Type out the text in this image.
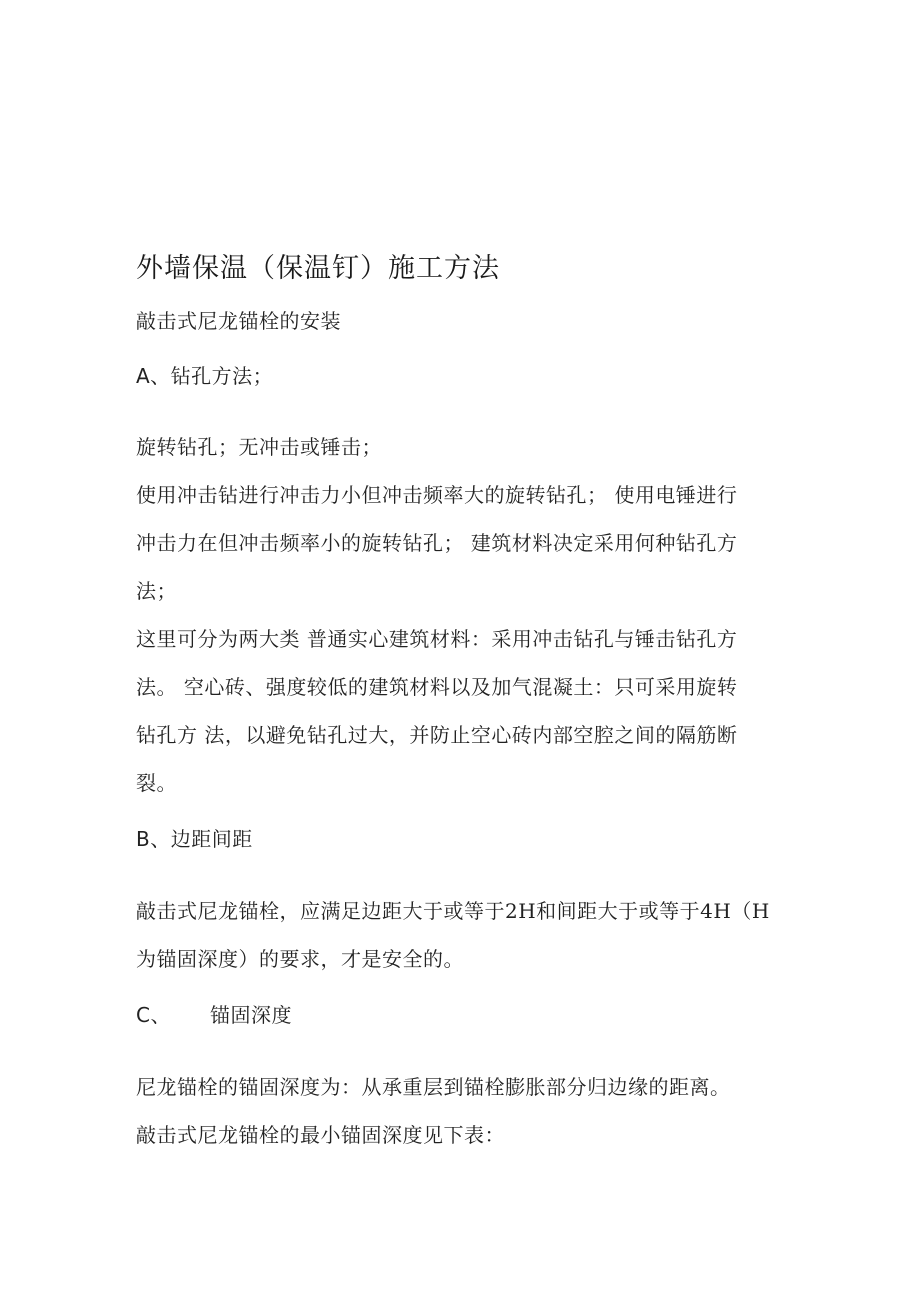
外墙保温（保温钉）施工方法
敲击式尼龙锚栓的安装
A、钻孔方法；
旋转钻孔；无冲击或锤击；
使用冲击钻进行冲击力小但冲击频率大的旋转钻孔； 使用电锤进行
冲击力在但冲击频率小的旋转钻孔； 建筑材料决定采用何种钻孔方
法；
这里可分为两大类 普通实心建筑材料：采用冲击钻孔与锤击钻孔方
法。 空心砖、强度较低的建筑材料以及加气混凝土：只可采用旋转
钻孔方 法，以避免钻孔过大，并防止空心砖内部空腔之间的隔筋断
裂。
B、边距间距
敲击式尼龙锚栓，应满足边距大于或等于2H和间距大于或等于4H（H
为锚固深度）的要求，才是安全的。
C、 锚固深度
尼龙锚栓的锚固深度为：从承重层到锚栓膨胀部分归边缘的距离。
敲击式尼龙锚栓的最小锚固深度见下表：
